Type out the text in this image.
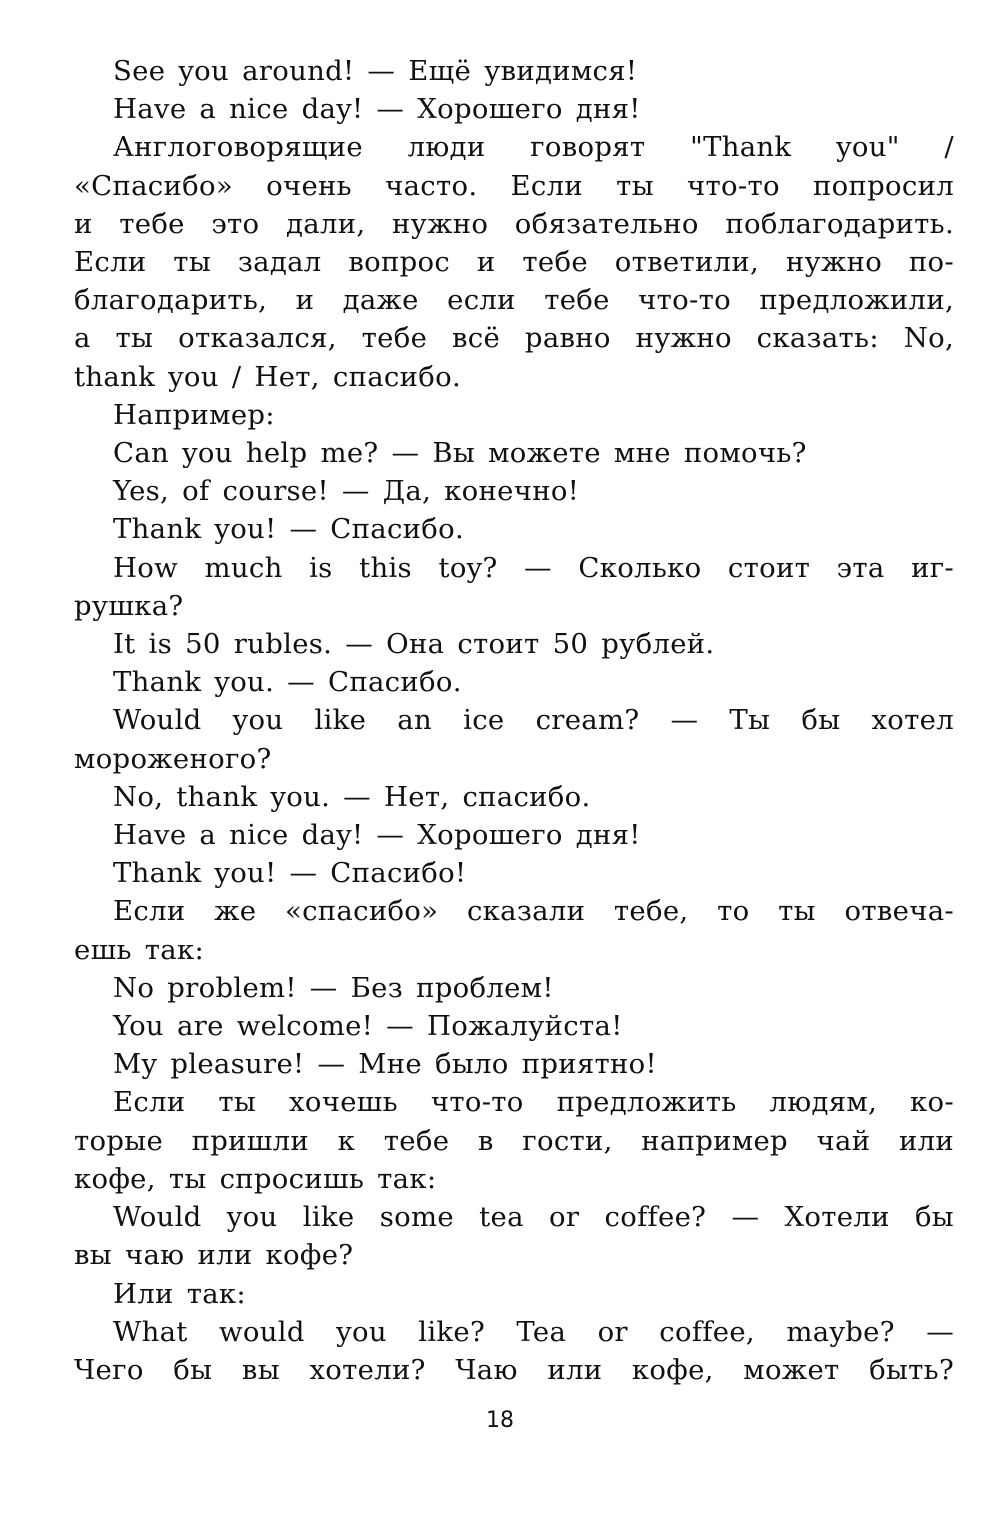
See you around! — Ещё увидимся!
Have a nice day! — Хорошего дня!
Англоговорящие люди говорят "Thank you" /
«Спасибо» очень часто. Если ты что-то попросил
и тебе это дали, нужно обязательно поблагодарить.
Если ты задал вопрос и тебе ответили, нужно по-
благодарить, и даже если тебе что-то предложили,
а ты отказался, тебе всё равно нужно сказать: No,
thank you / Нет, спасибо.
Например:
Can you help me? — Вы можете мне помочь?
Yes, of course! — Да, конечно!
Thank you! — Спасибо.
How much is this toy? — Сколько стоит эта иг-
рушка?
It is 50 rubles. — Она стоит 50 рублей.
Thank you. — Спасибо.
Would you like an ice cream? — Ты бы хотел
мороженого?
No, thank you. — Нет, спасибо.
Have a nice day! — Хорошего дня!
Thank you! — Спасибо!
Если же «спасибо» сказали тебе, то ты отвеча-
ешь так:
No problem! — Без проблем!
You are welcome! — Пожалуйста!
My pleasure! — Мне было приятно!
Если ты хочешь что-то предложить людям, ко-
торые пришли к тебе в гости, например чай или
кофе, ты спросишь так:
Would you like some tea or coffee? — Хотели бы
вы чаю или кофе?
Или так:
What would you like? Tea or coffee, maybe? —
Чего бы вы хотели? Чаю или кофе, может быть?
18
